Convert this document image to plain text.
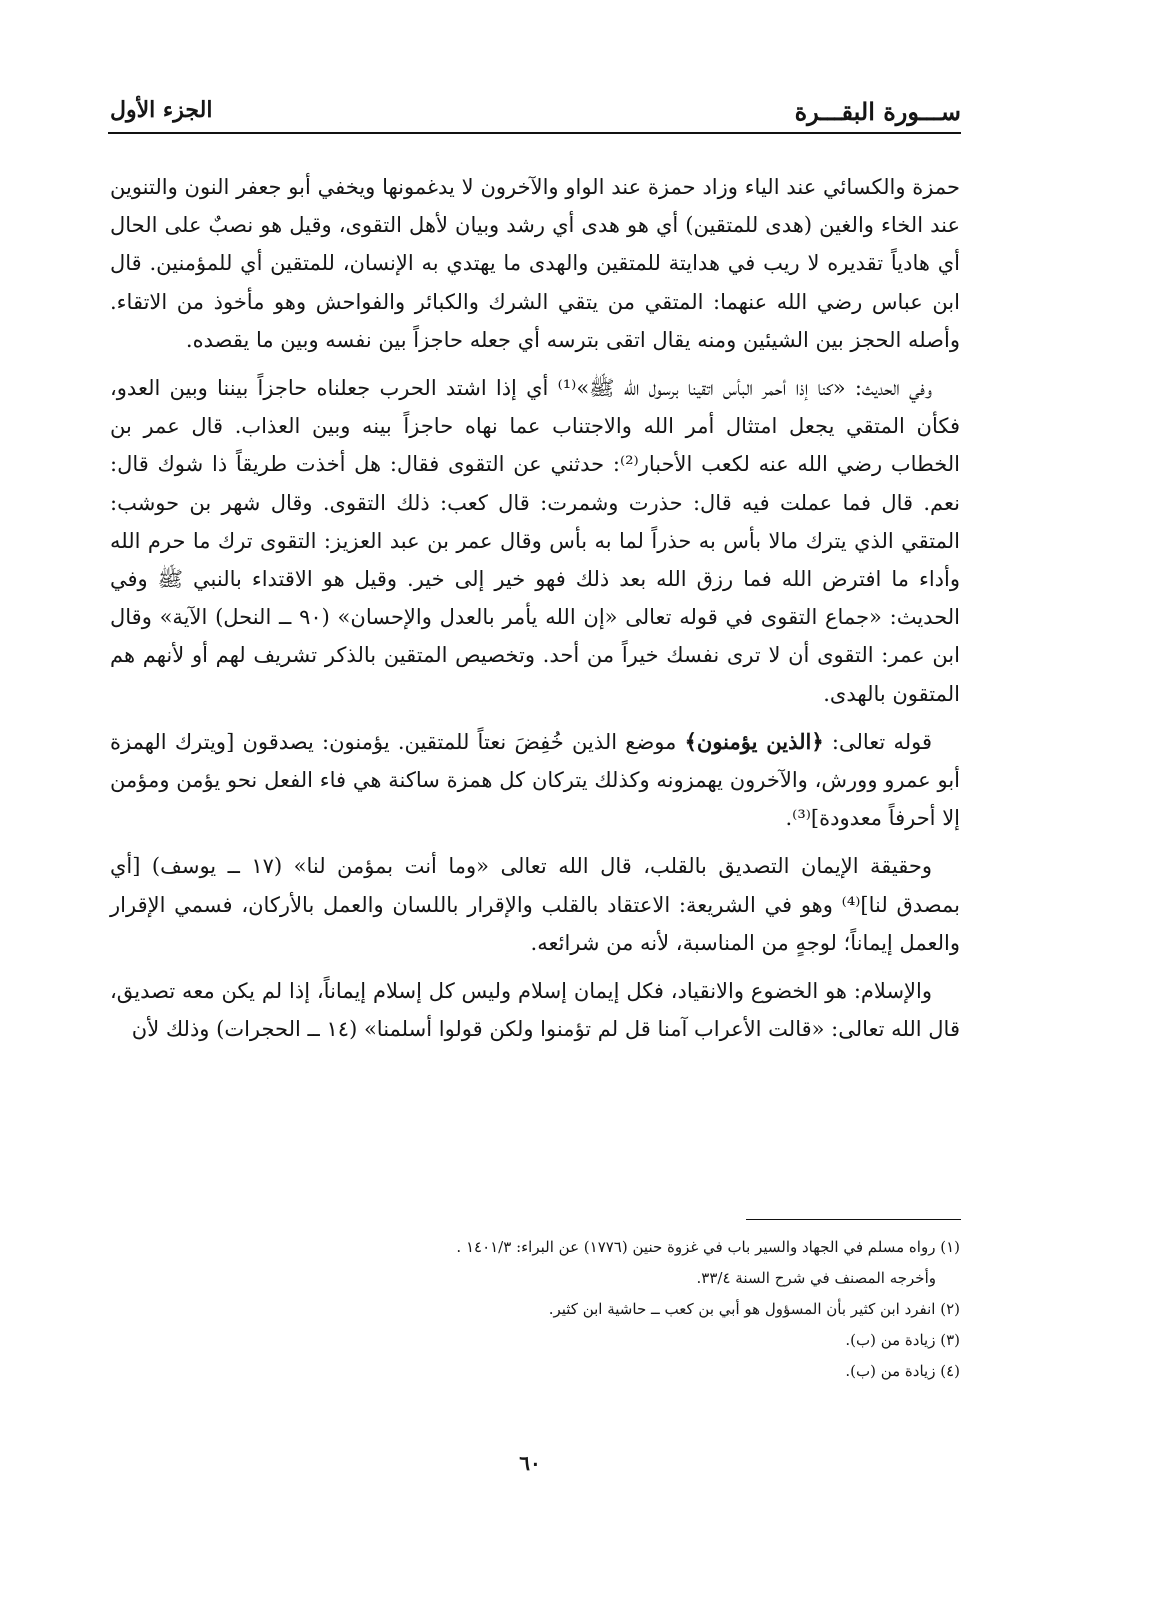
ســـورة البقـــرة
الجزء الأول

حمزة والكسائي عند الياء وزاد حمزة عند الواو والآخرون لا يدغمونها ويخفي أبو جعفر النون والتنوين عند الخاء والغين (هدى للمتقين) أي هو هدى أي رشد وبيان لأهل التقوى، وقيل هو نصبٌ على الحال أي هادياً تقديره لا ريب في هدايتة للمتقين والهدى ما يهتدي به الإنسان، للمتقين أي للمؤمنين. قال ابن عباس رضي الله عنهما: المتقي من يتقي الشرك والكبائر والفواحش وهو مأخوذ من الاتقاء. وأصله الحجز بين الشيئين ومنه يقال اتقى بترسه أي جعله حاجزاً بين نفسه وبين ما يقصده.

وفي الحديث: «كنا إذا أحمر البأس اتقينا برسول الله ﷺ»⁽¹⁾ أي إذا اشتد الحرب جعلناه حاجزاً بيننا وبين العدو، فكأن المتقي يجعل امتثال أمر الله والاجتناب عما نهاه حاجزاً بينه وبين العذاب. قال عمر بن الخطاب رضي الله عنه لكعب الأحبار⁽²⁾: حدثني عن التقوى فقال: هل أخذت طريقاً ذا شوك قال: نعم. قال فما عملت فيه قال: حذرت وشمرت: قال كعب: ذلك التقوى. وقال شهر بن حوشب: المتقي الذي يترك مالا بأس به حذراً لما به بأس وقال عمر بن عبد العزيز: التقوى ترك ما حرم الله وأداء ما افترض الله فما رزق الله بعد ذلك فهو خير إلى خير. وقيل هو الاقتداء بالنبي ﷺ وفي الحديث: «جماع التقوى في قوله تعالى «إن الله يأمر بالعدل والإحسان» (٩٠ ــ النحل) الآية» وقال ابن عمر: التقوى أن لا ترى نفسك خيراً من أحد. وتخصيص المتقين بالذكر تشريف لهم أو لأنهم هم المتقون بالهدى.

قوله تعالى: ﴿الذين يؤمنون﴾ موضع الذين خُفِضَ نعتاً للمتقين. يؤمنون: يصدقون [ويترك الهمزة أبو عمرو وورش، والآخرون يهمزونه وكذلك يتركان كل همزة ساكنة هي فاء الفعل نحو يؤمن ومؤمن إلا أحرفاً معدودة]⁽³⁾.

وحقيقة الإيمان التصديق بالقلب، قال الله تعالى «وما أنت بمؤمن لنا» (١٧ ــ يوسف) [أي بمصدق لنا]⁽⁴⁾ وهو في الشريعة: الاعتقاد بالقلب والإقرار باللسان والعمل بالأركان، فسمي الإقرار والعمل إيماناً؛ لوجهٍ من المناسبة، لأنه من شرائعه.

والإسلام: هو الخضوع والانقياد، فكل إيمان إسلام وليس كل إسلام إيماناً، إذا لم يكن معه تصديق، قال الله تعالى: «قالت الأعراب آمنا قل لم تؤمنوا ولكن قولوا أسلمنا» (١٤ ــ الحجرات) وذلك لأن

(١) رواه مسلم في الجهاد والسير باب في غزوة حنين (١٧٧٦) عن البراء: ١٤٠١/٣ .

وأخرجه المصنف في شرح السنة ٣٣/٤.

(٢) انفرد ابن كثير بأن المسؤول هو أبي بن كعب ــ حاشية ابن كثير.

(٣) زيادة من (ب).

(٤) زيادة من (ب).

٦٠
